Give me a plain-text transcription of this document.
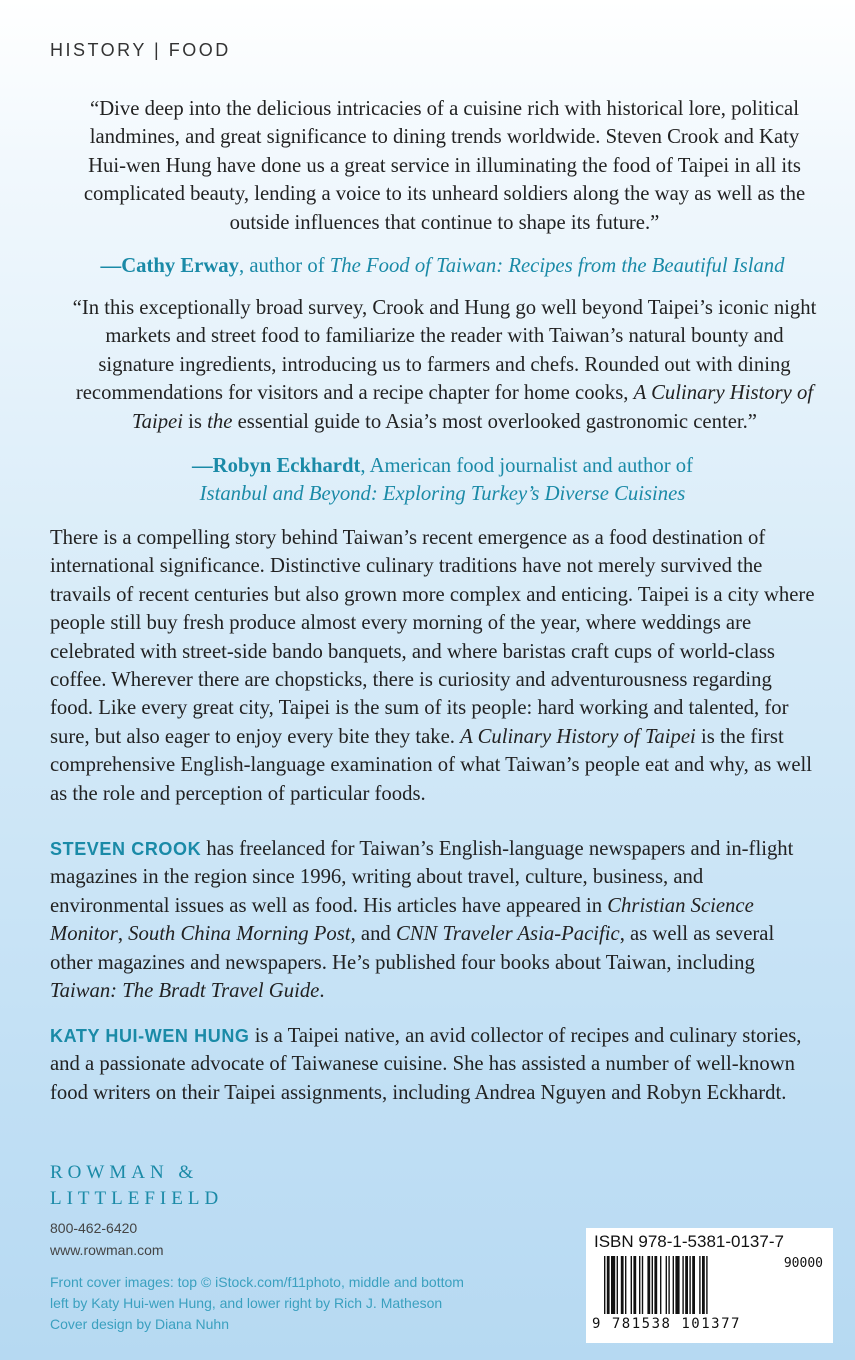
HISTORY | FOOD
“Dive deep into the delicious intricacies of a cuisine rich with historical lore, political landmines, and great significance to dining trends worldwide. Steven Crook and Katy Hui-wen Hung have done us a great service in illuminating the food of Taipei in all its complicated beauty, lending a voice to its unheard soldiers along the way as well as the outside influences that continue to shape its future.”
—Cathy Erway, author of The Food of Taiwan: Recipes from the Beautiful Island
“In this exceptionally broad survey, Crook and Hung go well beyond Taipei’s iconic night markets and street food to familiarize the reader with Taiwan’s natural bounty and signature ingredients, introducing us to farmers and chefs. Rounded out with dining recommendations for visitors and a recipe chapter for home cooks, A Culinary History of Taipei is the essential guide to Asia’s most overlooked gastronomic center.”
—Robyn Eckhardt, American food journalist and author of
Istanbul and Beyond: Exploring Turkey’s Diverse Cuisines
There is a compelling story behind Taiwan’s recent emergence as a food destination of international significance. Distinctive culinary traditions have not merely survived the travails of recent centuries but also grown more complex and enticing. Taipei is a city where people still buy fresh produce almost every morning of the year, where weddings are celebrated with street-side bando banquets, and where baristas craft cups of world-class coffee. Wherever there are chopsticks, there is curiosity and adventurousness regarding food. Like every great city, Taipei is the sum of its people: hard working and talented, for sure, but also eager to enjoy every bite they take. A Culinary History of Taipei is the first comprehensive English-language examination of what Taiwan’s people eat and why, as well as the role and perception of particular foods.
STEVEN CROOK has freelanced for Taiwan’s English-language newspapers and in-flight magazines in the region since 1996, writing about travel, culture, business, and environmental issues as well as food. His articles have appeared in Christian Science Monitor, South China Morning Post, and CNN Traveler Asia-Pacific, as well as several other magazines and newspapers. He’s published four books about Taiwan, including Taiwan: The Bradt Travel Guide.
KATY HUI-WEN HUNG is a Taipei native, an avid collector of recipes and culinary stories, and a passionate advocate of Taiwanese cuisine. She has assisted a number of well-known food writers on their Taipei assignments, including Andrea Nguyen and Robyn Eckhardt.
ROWMAN &
LITTLEFIELD
800-462-6420
www.rowman.com
Front cover images: top © iStock.com/f11photo, middle and bottom
left by Katy Hui-wen Hung, and lower right by Rich J. Matheson
Cover design by Diana Nuhn
ISBN 978-1-5381-0137-7
90000
9 781538 101377
